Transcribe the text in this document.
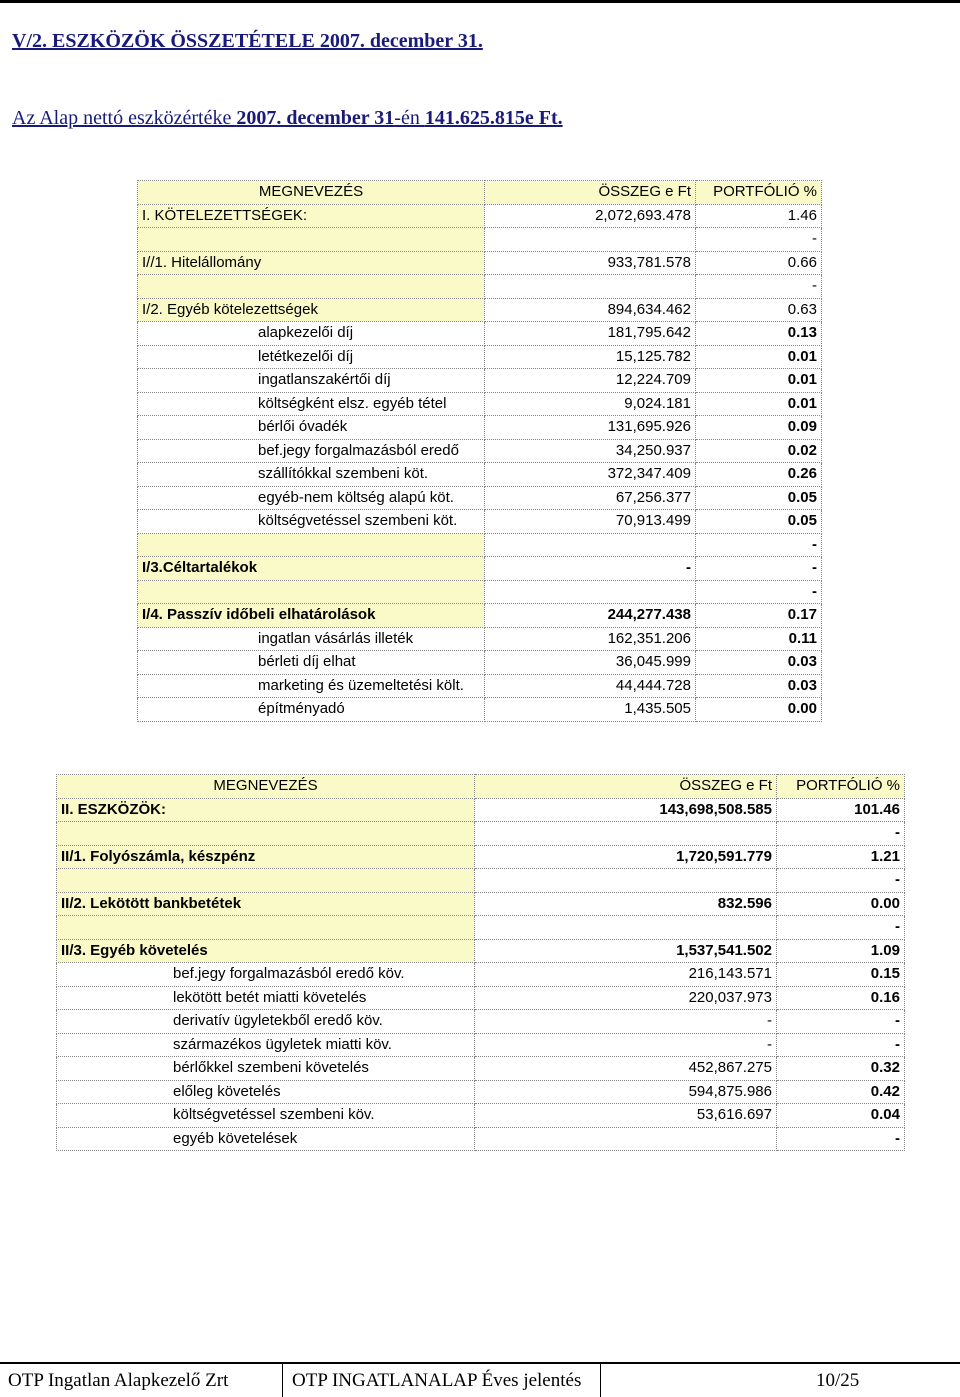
V/2. ESZKÖZÖK ÖSSZETÉTELE 2007. december 31.
Az Alap nettó eszközértéke 2007. december 31-én 141.625.815e Ft.
MEGNEVEZÉS	ÖSSZEG e Ft	PORTFÓLIÓ %
I. KÖTELEZETTSÉGEK:	2,072,693.478	1.46
		-
I//1. Hitelállomány	933,781.578	0.66
		-
I/2. Egyéb kötelezettségek	894,634.462	0.63
alapkezelői díj	181,795.642	0.13
letétkezelői díj	15,125.782	0.01
ingatlanszakértői díj	12,224.709	0.01
költségként elsz. egyéb tétel	9,024.181	0.01
bérlői óvadék	131,695.926	0.09
bef.jegy forgalmazásból eredő	34,250.937	0.02
szállítókkal szembeni köt.	372,347.409	0.26
egyéb-nem költség alapú köt.	67,256.377	0.05
költségvetéssel szembeni köt.	70,913.499	0.05
		-
I/3.Céltartalékok	-	-
		-
I/4. Passzív időbeli elhatárolások	244,277.438	0.17
ingatlan vásárlás illeték	162,351.206	0.11
bérleti díj elhat	36,045.999	0.03
marketing és üzemeltetési költ.	44,444.728	0.03
építményadó	1,435.505	0.00
MEGNEVEZÉS	ÖSSZEG e Ft	PORTFÓLIÓ %
II. ESZKÖZÖK:	143,698,508.585	101.46
		-
II/1. Folyószámla, készpénz	1,720,591.779	1.21
		-
II/2. Lekötött bankbetétek	832.596	0.00
		-
II/3. Egyéb követelés	1,537,541.502	1.09
bef.jegy forgalmazásból eredő köv.	216,143.571	0.15
lekötött betét miatti követelés	220,037.973	0.16
derivatív ügyletekből eredő köv.	-	-
származékos ügyletek miatti köv.	-	-
bérlőkkel szembeni követelés	452,867.275	0.32
előleg követelés	594,875.986	0.42
költségvetéssel szembeni köv.	53,616.697	0.04
egyéb követelések		-
OTP Ingatlan Alapkezelő Zrt	OTP INGATLANALAP Éves jelentés	10/25
